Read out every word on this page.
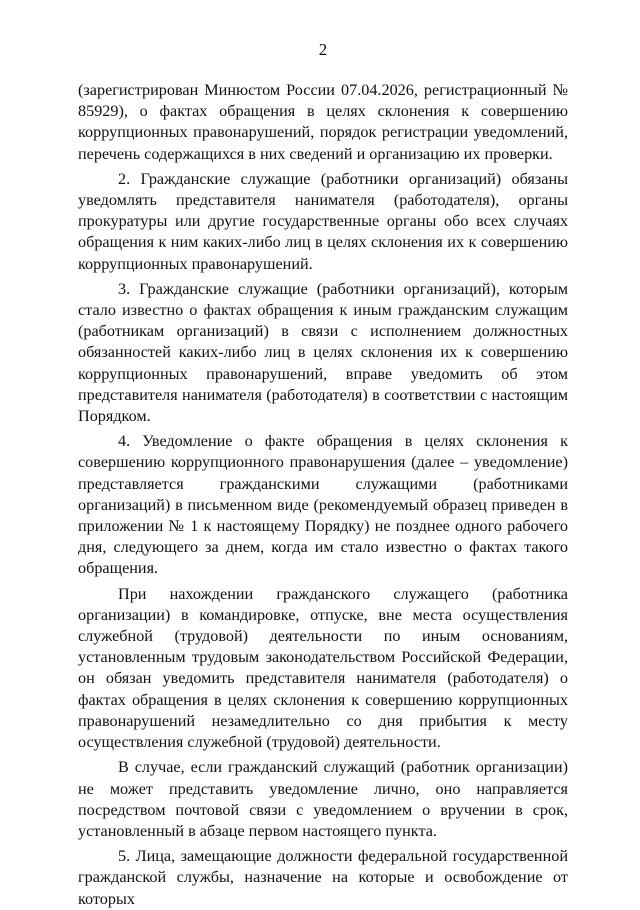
2

(зарегистрирован Минюстом России 07.04.2026, регистрационный № 85929), о фактах обращения в целях склонения к совершению коррупционных правонарушений, порядок регистрации уведомлений, перечень содержащихся в них сведений и организацию их проверки.

2. Гражданские служащие (работники организаций) обязаны уведомлять представителя нанимателя (работодателя), органы прокуратуры или другие государственные органы обо всех случаях обращения к ним каких-либо лиц в целях склонения их к совершению коррупционных правонарушений.

3. Гражданские служащие (работники организаций), которым стало известно о фактах обращения к иным гражданским служащим (работникам организаций) в связи с исполнением должностных обязанностей каких-либо лиц в целях склонения их к совершению коррупционных правонарушений, вправе уведомить об этом представителя нанимателя (работодателя) в соответствии с настоящим Порядком.

4. Уведомление о факте обращения в целях склонения к совершению коррупционного правонарушения (далее – уведомление) представляется гражданскими служащими (работниками организаций) в письменном виде (рекомендуемый образец приведен в приложении № 1 к настоящему Порядку) не позднее одного рабочего дня, следующего за днем, когда им стало известно о фактах такого обращения.

При нахождении гражданского служащего (работника организации) в командировке, отпуске, вне места осуществления служебной (трудовой) деятельности по иным основаниям, установленным трудовым законодательством Российской Федерации, он обязан уведомить представителя нанимателя (работодателя) о фактах обращения в целях склонения к совершению коррупционных правонарушений незамедлительно со дня прибытия к месту осуществления служебной (трудовой) деятельности.

В случае, если гражданский служащий (работник организации) не может представить уведомление лично, оно направляется посредством почтовой связи с уведомлением о вручении в срок, установленный в абзаце первом настоящего пункта.

5. Лица, замещающие должности федеральной государственной гражданской службы, назначение на которые и освобождение от которых
